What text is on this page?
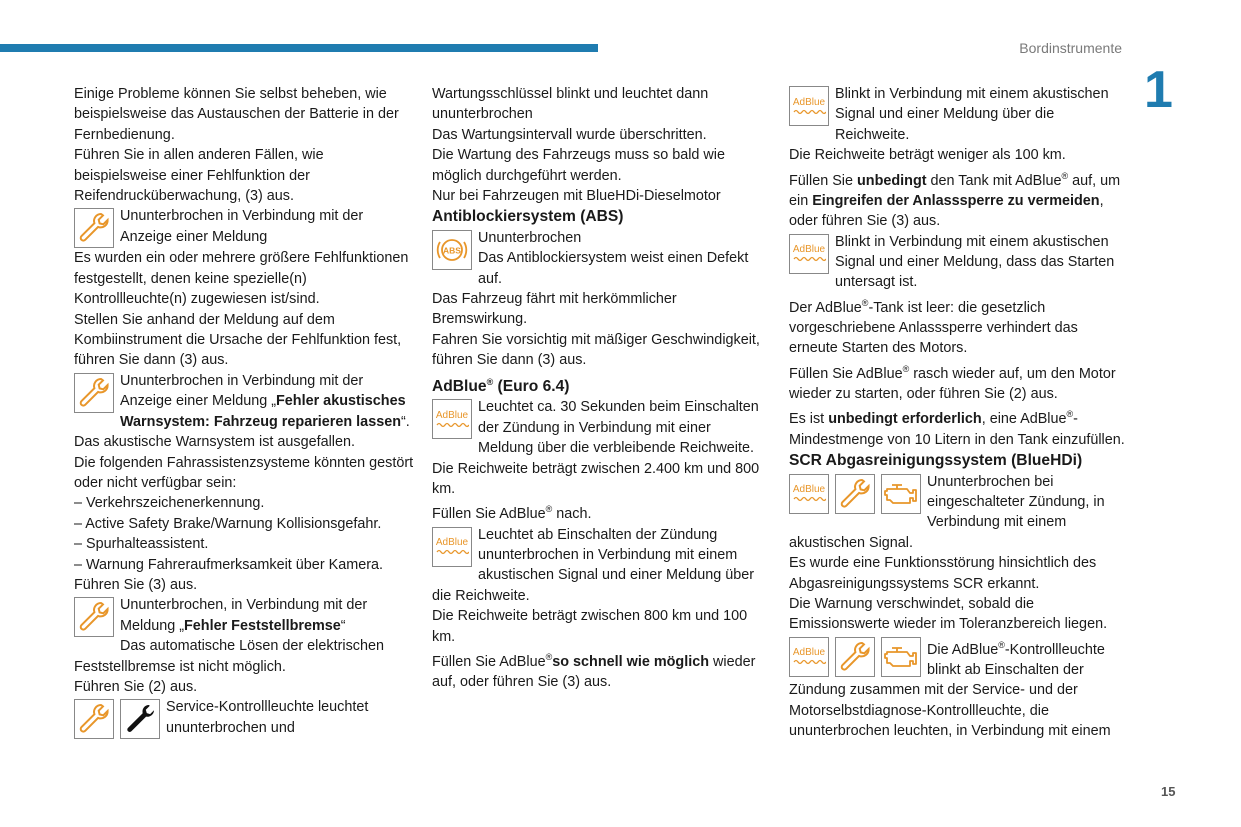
Bordinstrumente
1
15

Einige Probleme können Sie selbst beheben, wie beispielsweise das Austauschen der Batterie in der Fernbedienung.

Führen Sie in allen anderen Fällen, wie beispielsweise einer Fehlfunktion der Reifendrucküberwachung, (3) aus.

Ununterbrochen in Verbindung mit der Anzeige einer Meldung

Es wurden ein oder mehrere größere Fehlfunktionen festgestellt, denen keine spezielle(n) Kontrollleuchte(n) zugewiesen ist/sind.

Stellen Sie anhand der Meldung auf dem Kombiinstrument die Ursache der Fehlfunktion fest, führen Sie dann (3) aus.

Ununterbrochen in Verbindung mit der Anzeige einer Meldung „Fehler akustisches Warnsystem: Fahrzeug reparieren lassen“.

Das akustische Warnsystem ist ausgefallen.

Die folgenden Fahrassistenzsysteme könnten gestört oder nicht verfügbar sein:

– Verkehrszeichenerkennung.

– Active Safety Brake/Warnung Kollisionsgefahr.

– Spurhalteassistent.

– Warnung Fahreraufmerksamkeit über Kamera.

Führen Sie (3) aus.

Ununterbrochen, in Verbindung mit der Meldung „Fehler Feststellbremse“

Das automatische Lösen der elektrischen Feststellbremse ist nicht möglich.

Führen Sie (2) aus.

Service-Kontrollleuchte leuchtet ununterbrochen und

Wartungsschlüssel blinkt und leuchtet dann ununterbrochen

Das Wartungsintervall wurde überschritten.

Die Wartung des Fahrzeugs muss so bald wie möglich durchgeführt werden.

Nur bei Fahrzeugen mit BlueHDi-Dieselmotor

Antiblockiersystem (ABS)
ABS

Ununterbrochen

Das Antiblockiersystem weist einen Defekt auf.

Das Fahrzeug fährt mit herkömmlicher Bremswirkung.

Fahren Sie vorsichtig mit mäßiger Geschwindigkeit, führen Sie dann (3) aus.

AdBlue® (Euro 6.4)
AdBlue Leuchtet ca. 30 Sekunden beim Einschalten der Zündung in Verbindung mit einer Meldung über die verbleibende Reichweite.

Die Reichweite beträgt zwischen 2.400 km und 800 km.

Füllen Sie AdBlue® nach.

AdBlue Leuchtet ab Einschalten der Zündung ununterbrochen in Verbindung mit einem akustischen Signal und einer Meldung über die Reichweite.

Die Reichweite beträgt zwischen 800 km und 100 km.

Füllen Sie AdBlue®so schnell wie möglich wieder auf, oder führen Sie (3) aus.

AdBlue Blinkt in Verbindung mit einem akustischen Signal und einer Meldung über die Reichweite.

Die Reichweite beträgt weniger als 100 km.

Füllen Sie unbedingt den Tank mit AdBlue® auf, um ein Eingreifen der Anlasssperre zu vermeiden, oder führen Sie (3) aus.

AdBlue Blinkt in Verbindung mit einem akustischen Signal und einer Meldung, dass das Starten untersagt ist.

Der AdBlue®-Tank ist leer: die gesetzlich vorgeschriebene Anlasssperre verhindert das erneute Starten des Motors.

Füllen Sie AdBlue® rasch wieder auf, um den Motor wieder zu starten, oder führen Sie (2) aus.

Es ist unbedingt erforderlich, eine AdBlue®-Mindestmenge von 10 Litern in den Tank einzufüllen.

SCR Abgasreinigungssystem (BlueHDi)
AdBlue	Ununterbrochen bei eingeschalteter Zündung, in Verbindung mit einem akustischen Signal.

Es wurde eine Funktionsstörung hinsichtlich des Abgasreinigungssystems SCR erkannt.

Die Warnung verschwindet, sobald die Emissionswerte wieder im Toleranzbereich liegen.

AdBlue	Die AdBlue®-Kontrollleuchte blinkt ab Einschalten der Zündung zusammen mit der Service- und der Motorselbstdiagnose-Kontrollleuchte, die ununterbrochen leuchten, in Verbindung mit einem
